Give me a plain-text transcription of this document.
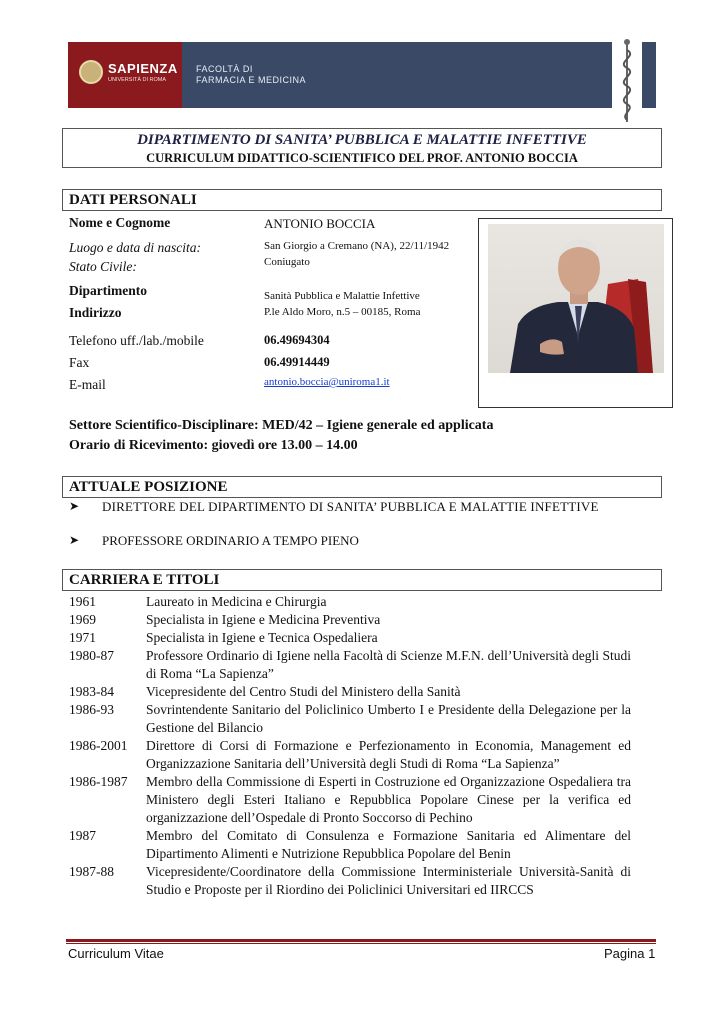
SAPIENZA
UNIVERSITÀ DI ROMA
FACOLTÀ DI
FARMACIA E MEDICINA
DIPARTIMENTO DI SANITA’ PUBBLICA E MALATTIE INFETTIVE
CURRICULUM DIDATTICO-SCIENTIFICO DEL PROF. ANTONIO BOCCIA
DATI PERSONALI
Nome e Cognome	ANTONIO BOCCIA
Luogo e data di nascita:	San Giorgio a Cremano (NA), 22/11/1942
Stato Civile:	Coniugato
Dipartimento	Sanità Pubblica e Malattie Infettive
Indirizzo	P.le Aldo Moro, n.5 – 00185, Roma
Telefono uff./lab./mobile	06.49694304
Fax	06.49914449
E-mail	antonio.boccia@uniroma1.it
Settore Scientifico-Disciplinare: MED/42 – Igiene generale ed applicata
Orario di Ricevimento: giovedì ore 13.00 – 14.00
ATTUALE POSIZIONE
➤ DIRETTORE DEL DIPARTIMENTO DI SANITA’ PUBBLICA E MALATTIE INFETTIVE
➤ PROFESSORE ORDINARIO A TEMPO PIENO
CARRIERA E TITOLI
1961	Laureato in Medicina e Chirurgia
1969	Specialista in Igiene e Medicina Preventiva
1971	Specialista in Igiene e Tecnica Ospedaliera
1980-87	Professore Ordinario di Igiene nella Facoltà di Scienze M.F.N. dell’Università degli Studi di Roma “La Sapienza”
1983-84	Vicepresidente del Centro Studi del Ministero della Sanità
1986-93	Sovrintendente Sanitario del Policlinico Umberto I e Presidente della Delegazione per la Gestione del Bilancio
1986-2001	Direttore di Corsi di Formazione e Perfezionamento in Economia, Management ed Organizzazione Sanitaria dell’Università degli Studi di Roma “La Sapienza”
1986-1987	Membro della Commissione di Esperti in Costruzione ed Organizzazione Ospedaliera tra Ministero degli Esteri Italiano e Repubblica Popolare Cinese per la verifica ed organizzazione dell’Ospedale di Pronto Soccorso di Pechino
1987	Membro del Comitato di Consulenza e Formazione Sanitaria ed Alimentare del Dipartimento Alimenti e Nutrizione Repubblica Popolare del Benin
1987-88	Vicepresidente/Coordinatore della Commissione Interministeriale Università-Sanità di Studio e Proposte per il Riordino dei Policlinici Universitari ed IIRCCS
Curriculum Vitae	Pagina 1
